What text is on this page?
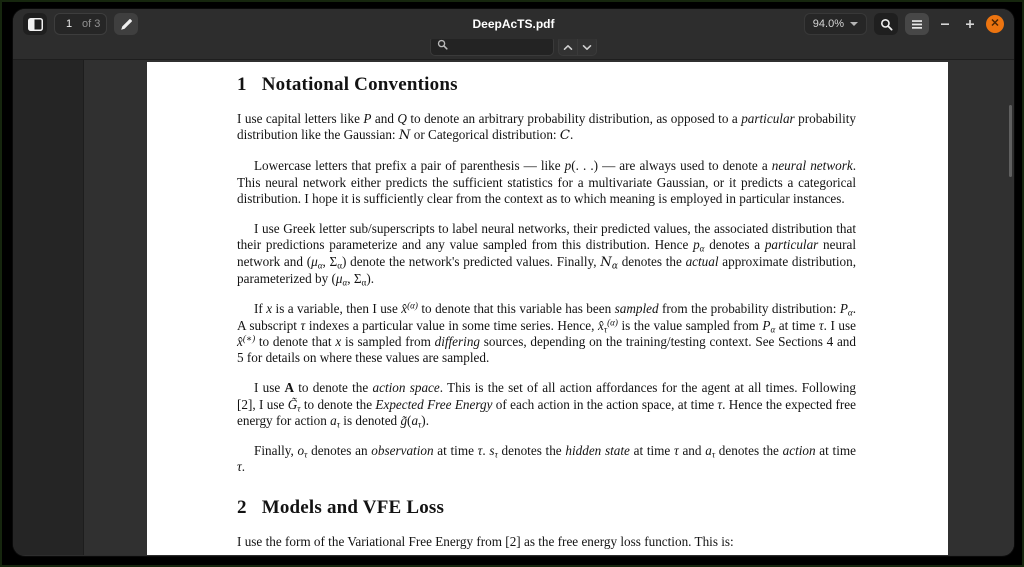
DeepAcTS.pdf
1
of 3	94.0%	✕
1 Notational Conventions

I use capital letters like P and Q to denote an arbitrary probability distribution, as opposed to a particular probability distribution like the Gaussian: N or Categorical distribution: C.

Lowercase letters that prefix a pair of parenthesis — like p(. . .) — are always used to denote a neural network. This neural network either predicts the sufficient statistics for a multivariate Gaussian, or it predicts a categorical distribution. I hope it is sufficiently clear from the context as to which meaning is employed in particular instances.

I use Greek letter sub/superscripts to label neural networks, their predicted values, the associated distribution that their predictions parameterize and any value sampled from this distribution. Hence $p_\alpha$ denotes a particular neural network and ($\mu_\alpha$, $\Sigma_\alpha$) denote the network's predicted values. Finally, $N_\alpha$ denotes the actual approximate distribution, parameterized by ($\mu_\alpha$, $\Sigma_\alpha$).

If x is a variable, then I use x̂$^{(\alpha)}$ to denote that this variable has been sampled from the probability distribution: $P_\alpha$. A subscript τ indexes a particular value in some time series. Hence, $x̂_\tau^{(\alpha)}$ is the value sampled from $P_\alpha$ at time τ. I use x̂(∗) to denote that x is sampled from differing sources, depending on the training/testing context. See Sections 4 and 5 for details on where these values are sampled.

I use A to denote the action space. This is the set of all action affordances for the agent at all times. Following [2], I use $G̃_\tau$ to denote the Expected Free Energy of each action in the action space, at time τ. Hence the expected free energy for action $a_\tau$ is denoted $g̃(a_\tau)$.

Finally, $o_\tau$ denotes an observation at time τ. $s_\tau$ denotes the hidden state at time τ and $a_\tau$ denotes the action at time τ.

2 Models and VFE Loss

I use the form of the Variational Free Energy from [2] as the free energy loss function. This is:
